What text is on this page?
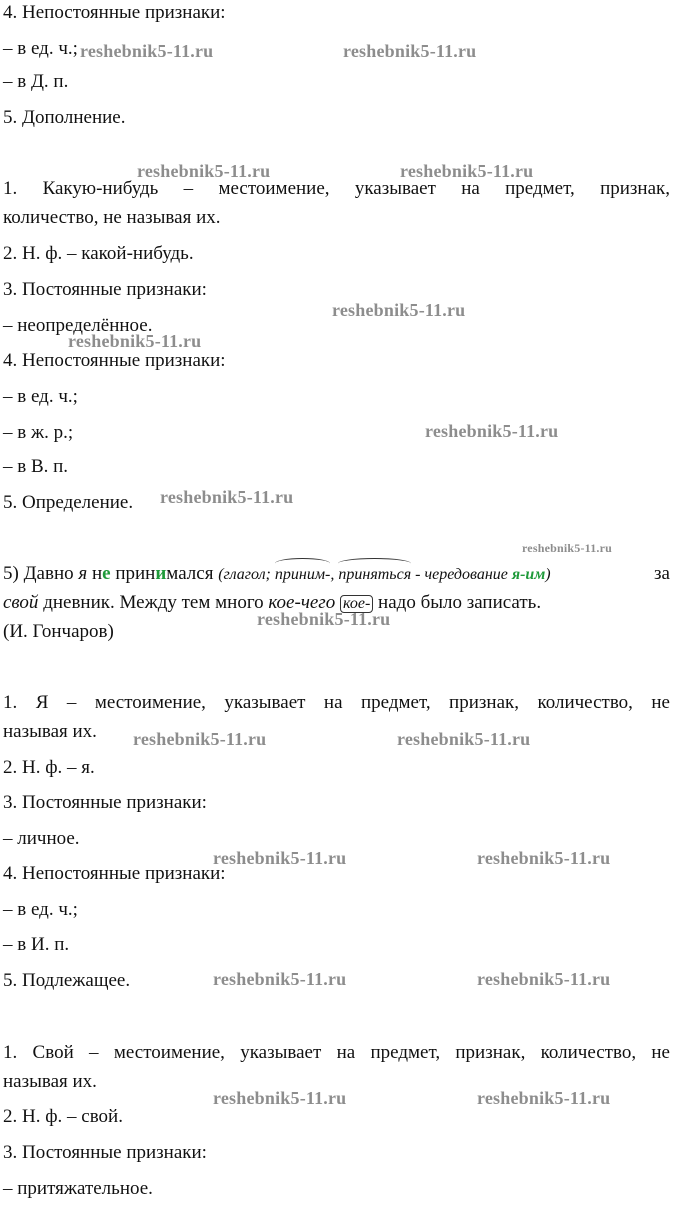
4. Непостоянные признаки:
– в ед. ч.;
– в Д. п.
5. Дополнение.
1. Какую-нибудь – местоимение, указывает на предмет, признак,
количество, не называя их.
2. Н. ф. – какой-нибудь.
3. Постоянные признаки:
– неопределённое.
4. Непостоянные признаки:
– в ед. ч.;
– в ж. р.;
– в В. п.
5. Определение.
5) Давно я не принимался (глагол; приним-, приняться - чередование я-им)	за
свой дневник. Между тем много кое-чего кое- надо было записать.
(И. Гончаров)
1. Я – местоимение, указывает на предмет, признак, количество, не
называя их.
2. Н. ф. – я.
3. Постоянные признаки:
– личное.
4. Непостоянные признаки:
– в ед. ч.;
– в И. п.
5. Подлежащее.
1. Свой – местоимение, указывает на предмет, признак, количество, не
называя их.
2. Н. ф. – свой.
3. Постоянные признаки:
– притяжательное.
reshebnik5-11.ru	reshebnik5-11.ru
reshebnik5-11.ru	reshebnik5-11.ru
reshebnik5-11.ru
reshebnik5-11.ru
reshebnik5-11.ru
reshebnik5-11.ru
reshebnik5-11.ru
reshebnik5-11.ru
reshebnik5-11.ru	reshebnik5-11.ru
reshebnik5-11.ru	reshebnik5-11.ru
reshebnik5-11.ru	reshebnik5-11.ru
reshebnik5-11.ru	reshebnik5-11.ru
